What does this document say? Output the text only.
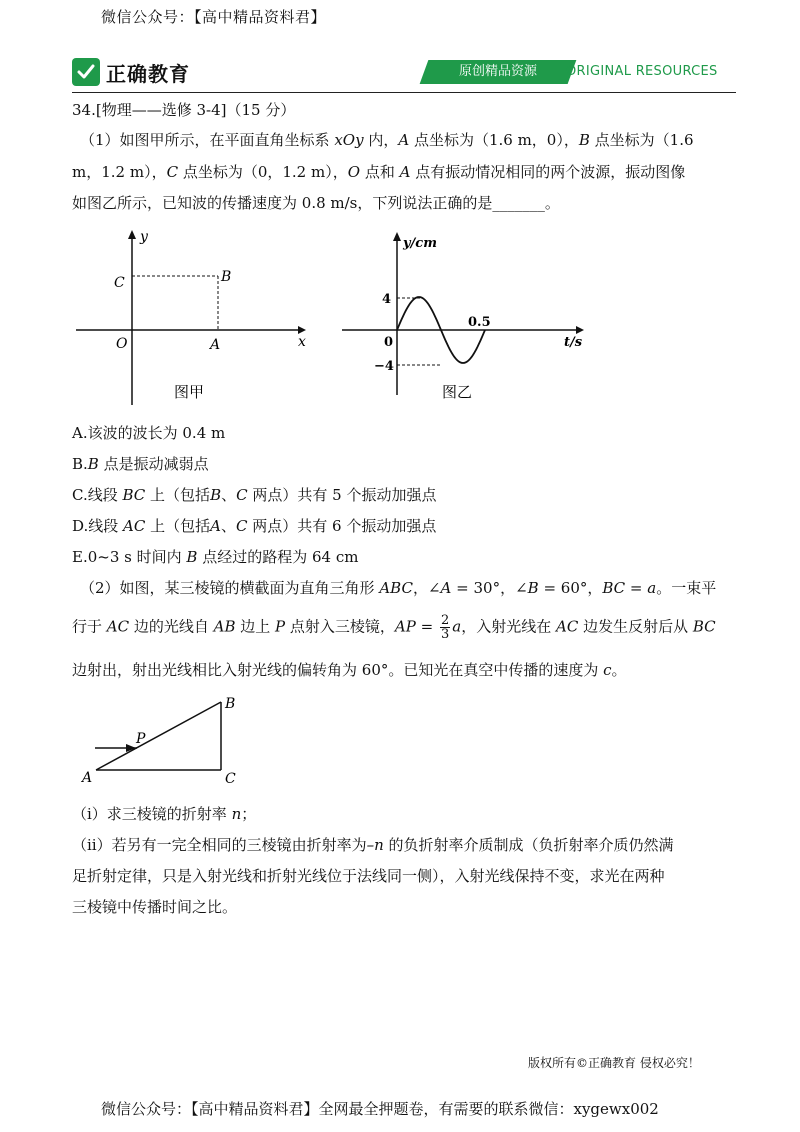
微信公众号：【高中精品资料君】
正确教育	原创精品资源	ORIGINAL RESOURCES
34.[物理——选修 3-4]（15 分）
（1）如图甲所示，在平面直角坐标系 xOy 内，A 点坐标为（1.6 m，0），B 点坐标为（1.6
m，1.2 m），C 点坐标为（0，1.2 m），O 点和 A 点有振动情况相同的两个波源，振动图像
如图乙所示，已知波的传播速度为 0.8 m/s，下列说法正确的是_______。
y
x
C	B
O	A
图甲
y/cm
t/s
4
−4
0
0.5
图乙
A.该波的波长为 0.4 m
B.B 点是振动减弱点
C.线段 BC 上（包括B、C 两点）共有 5 个振动加强点
D.线段 AC 上（包括A、C 两点）共有 6 个振动加强点
E.0~3 s 时间内 B 点经过的路程为 64 cm
（2）如图，某三棱镜的横截面为直角三角形 ABC，∠A = 30°，∠B = 60°，BC = a。一束平
行于 AC 边的光线自 AB 边上 P 点射入三棱镜，AP = $\frac{2}{3}$ a，入射光线在 AC 边发生反射后从 BC
边射出，射出光线相比入射光线的偏转角为 60°。已知光在真空中传播的速度为 c。
A
B
C
P
（ⅰ）求三棱镜的折射率 n；
（ⅱ）若另有一完全相同的三棱镜由折射率为–n 的负折射率介质制成（负折射率介质仍然满
足折射定律，只是入射光线和折射光线位于法线同一侧），入射光线保持不变，求光在两种
三棱镜中传播时间之比。
版权所有©正确教育 侵权必究！
微信公众号：【高中精品资料君】全网最全押题卷，有需要的联系微信：xygewx002
